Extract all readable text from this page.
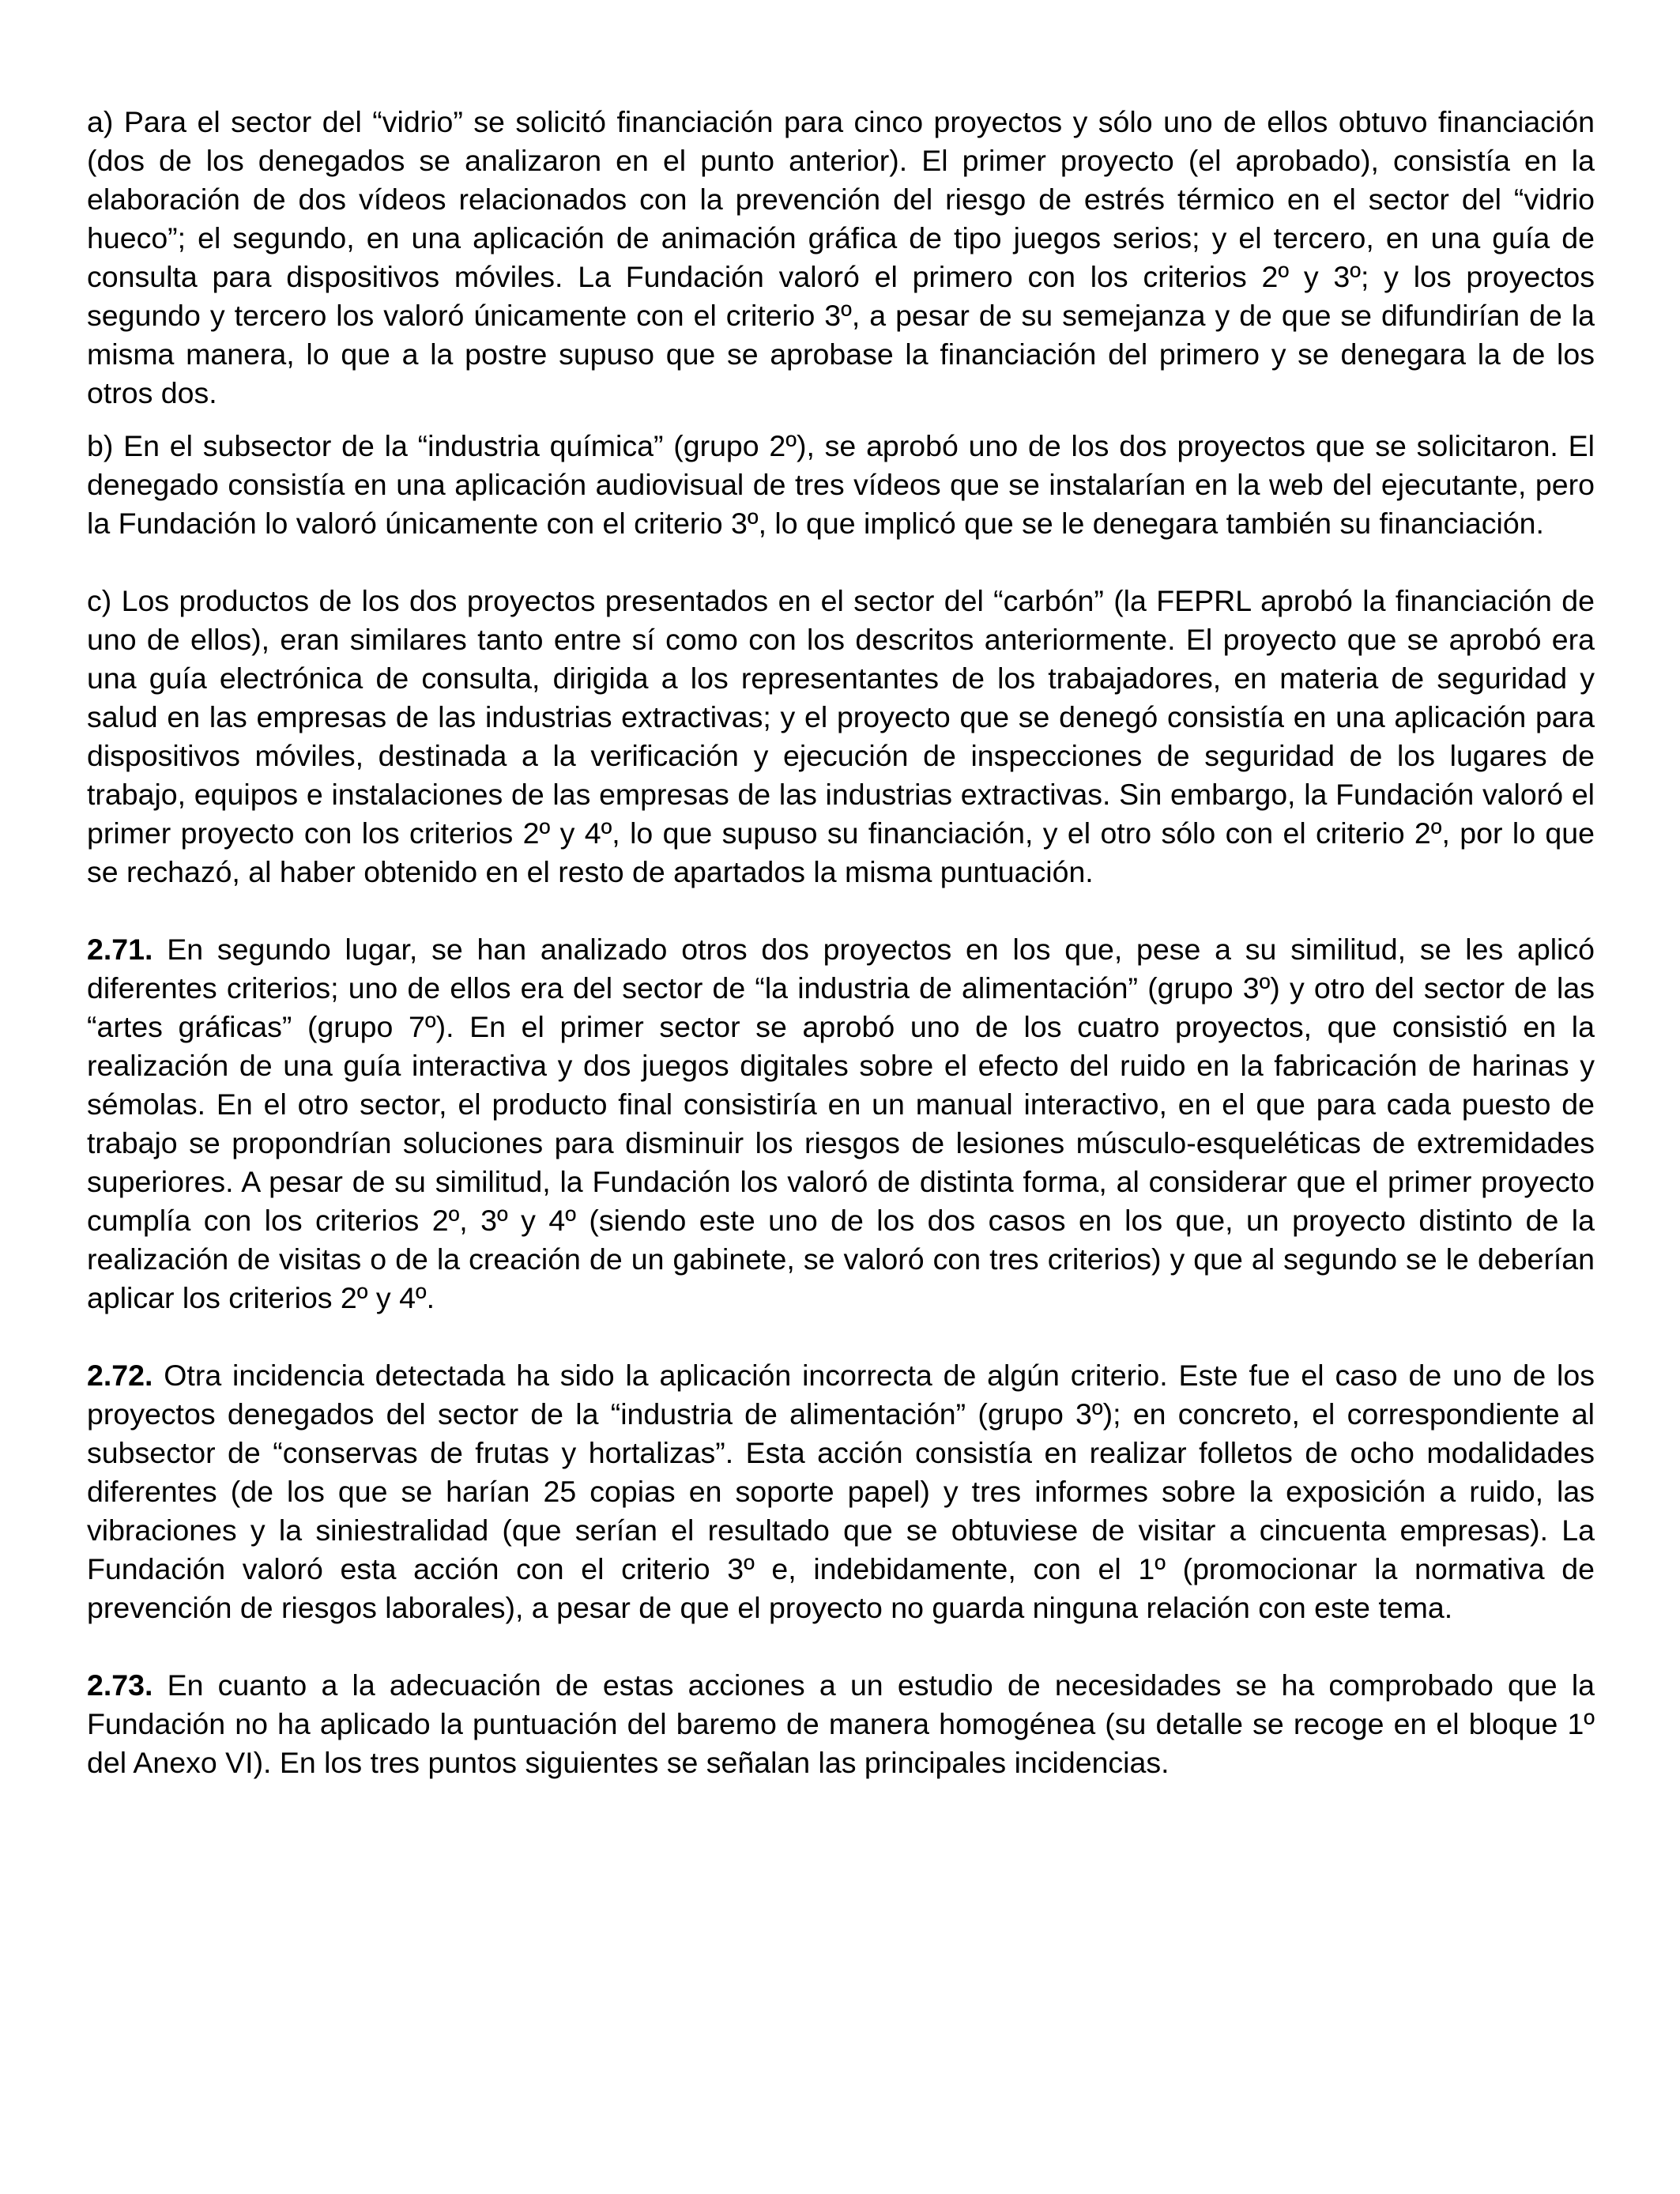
a) Para el sector del “vidrio” se solicitó financiación para cinco proyectos y sólo uno de ellos obtuvo financiación (dos de los denegados se analizaron en el punto anterior). El primer proyecto (el aprobado), consistía en la elaboración de dos vídeos relacionados con la prevención del riesgo de estrés térmico en el sector del “vidrio hueco”; el segundo, en una aplicación de animación gráfica de tipo juegos serios; y el tercero, en una guía de consulta para dispositivos móviles. La Fundación valoró el primero con los criterios 2º y 3º; y los proyectos segundo y tercero los valoró únicamente con el criterio 3º, a pesar de su semejanza y de que se difundirían de la misma manera, lo que a la postre supuso que se aprobase la financiación del primero y se denegara la de los otros dos.

b) En el subsector de la “industria química” (grupo 2º), se aprobó uno de los dos proyectos que se solicitaron. El denegado consistía en una aplicación audiovisual de tres vídeos que se instalarían en la web del ejecutante, pero la Fundación lo valoró únicamente con el criterio 3º, lo que implicó que se le denegara también su financiación.

c) Los productos de los dos proyectos presentados en el sector del “carbón” (la FEPRL aprobó la financiación de uno de ellos), eran similares tanto entre sí como con los descritos anteriormente. El proyecto que se aprobó era una guía electrónica de consulta, dirigida a los representantes de los trabajadores, en materia de seguridad y salud en las empresas de las industrias extractivas; y el proyecto que se denegó consistía en una aplicación para dispositivos móviles, destinada a la verificación y ejecución de inspecciones de seguridad de los lugares de trabajo, equipos e instalaciones de las empresas de las industrias extractivas. Sin embargo, la Fundación valoró el primer proyecto con los criterios 2º y 4º, lo que supuso su financiación, y el otro sólo con el criterio 2º, por lo que se rechazó, al haber obtenido en el resto de apartados la misma puntuación.

2.71. En segundo lugar, se han analizado otros dos proyectos en los que, pese a su similitud, se les aplicó diferentes criterios; uno de ellos era del sector de “la industria de alimentación” (grupo 3º) y otro del sector de las “artes gráficas” (grupo 7º). En el primer sector se aprobó uno de los cuatro proyectos, que consistió en la realización de una guía interactiva y dos juegos digitales sobre el efecto del ruido en la fabricación de harinas y sémolas. En el otro sector, el producto final consistiría en un manual interactivo, en el que para cada puesto de trabajo se propondrían soluciones para disminuir los riesgos de lesiones músculo-esqueléticas de extremidades superiores. A pesar de su similitud, la Fundación los valoró de distinta forma, al considerar que el primer proyecto cumplía con los criterios 2º, 3º y 4º (siendo este uno de los dos casos en los que, un proyecto distinto de la realización de visitas o de la creación de un gabinete, se valoró con tres criterios) y que al segundo se le deberían aplicar los criterios 2º y 4º.

2.72. Otra incidencia detectada ha sido la aplicación incorrecta de algún criterio. Este fue el caso de uno de los proyectos denegados del sector de la “industria de alimentación” (grupo 3º); en concreto, el correspondiente al subsector de “conservas de frutas y hortalizas”. Esta acción consistía en realizar folletos de ocho modalidades diferentes (de los que se harían 25 copias en soporte papel) y tres informes sobre la exposición a ruido, las vibraciones y la siniestralidad (que serían el resultado que se obtuviese de visitar a cincuenta empresas). La Fundación valoró esta acción con el criterio 3º e, indebidamente, con el 1º (promocionar la normativa de prevención de riesgos laborales), a pesar de que el proyecto no guarda ninguna relación con este tema.

2.73. En cuanto a la adecuación de estas acciones a un estudio de necesidades se ha comprobado que la Fundación no ha aplicado la puntuación del baremo de manera homogénea (su detalle se recoge en el bloque 1º del Anexo VI). En los tres puntos siguientes se señalan las principales incidencias.
